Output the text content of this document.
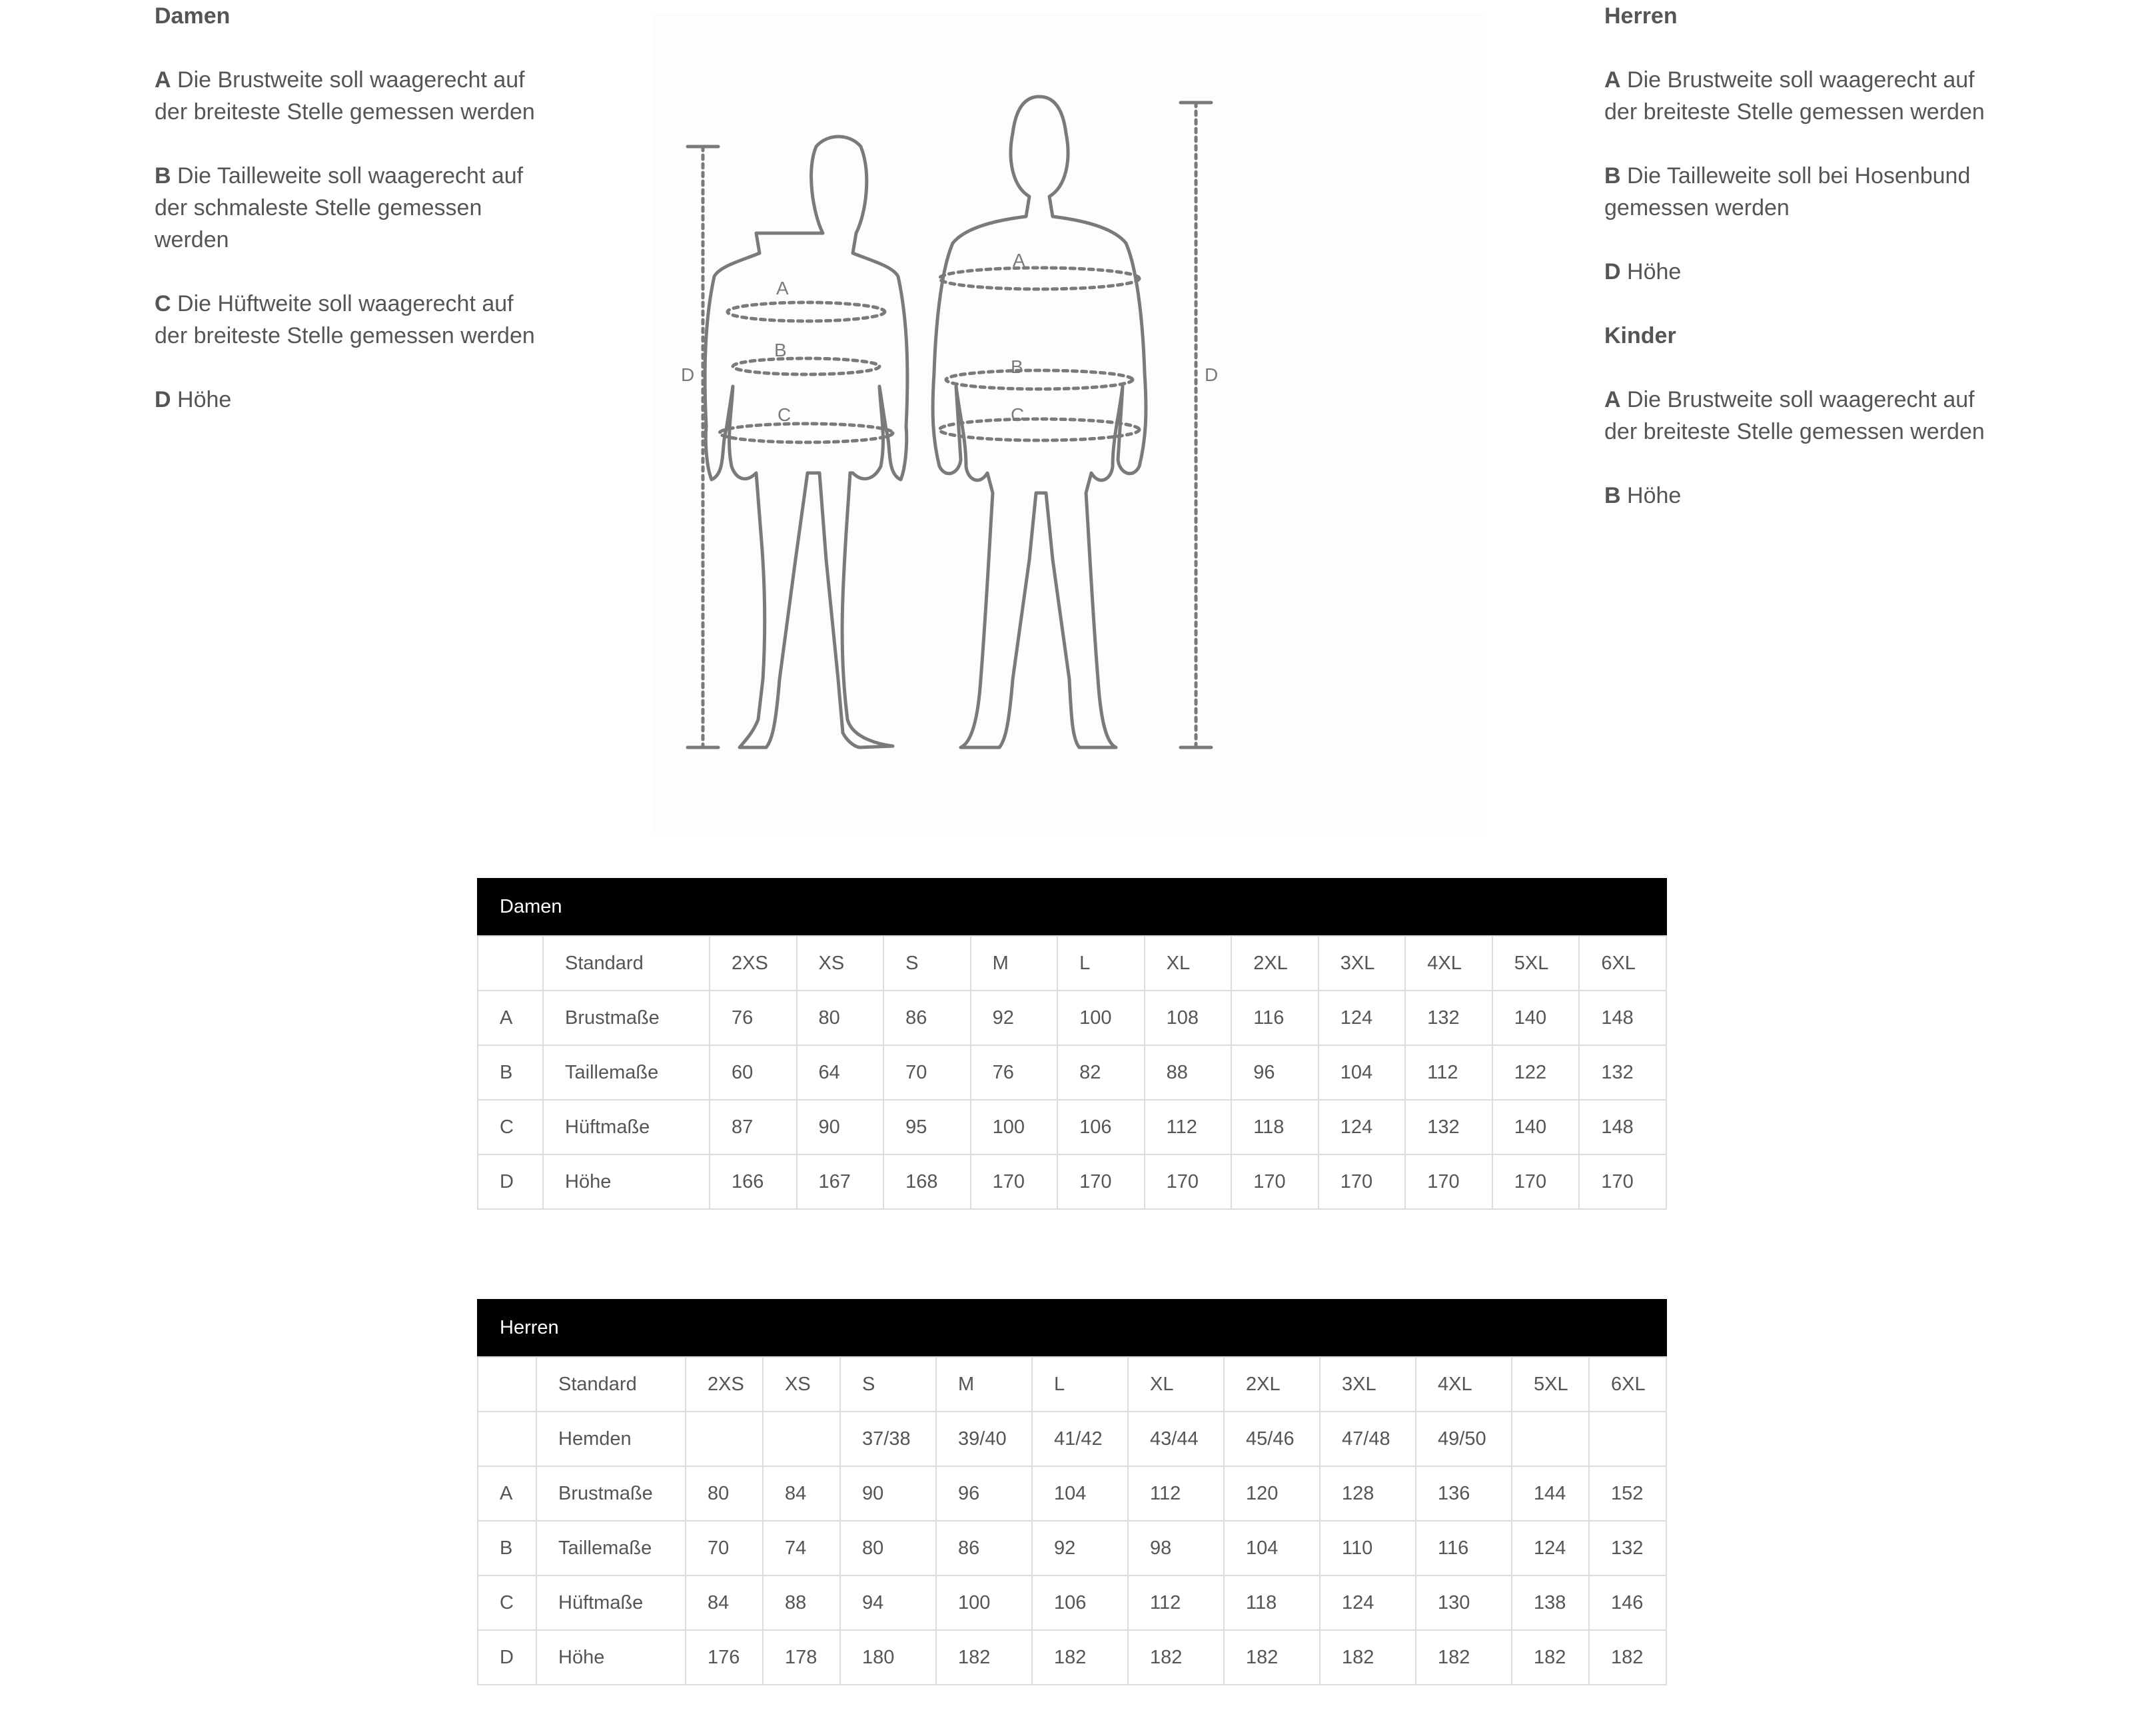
Damen

A Die Brustweite soll waagerecht auf
der breiteste Stelle gemessen werden

B Die Tailleweite soll waagerecht auf
der schmaleste Stelle gemessen
werden

C Die Hüftweite soll waagerecht auf
der breiteste Stelle gemessen werden

D Höhe

A
B
C
D
A
B
C
D

Herren

A Die Brustweite soll waagerecht auf
der breiteste Stelle gemessen werden

B Die Tailleweite soll bei Hosenbund
gemessen werden

D Höhe

Kinder

A Die Brustweite soll waagerecht auf
der breiteste Stelle gemessen werden

B Höhe

Damen
	Standard	2XS	XS	S	M	L	XL	2XL	3XL	4XL	5XL	6XL
A	Brustmaße	76	80	86	92	100	108	116	124	132	140	148
B	Taillemaße	60	64	70	76	82	88	96	104	112	122	132
C	Hüftmaße	87	90	95	100	106	112	118	124	132	140	148
D	Höhe	166	167	168	170	170	170	170	170	170	170	170
Herren
	Standard	2XS	XS	S	M	L	XL	2XL	3XL	4XL	5XL	6XL
	Hemden			37/38	39/40	41/42	43/44	45/46	47/48	49/50		
A	Brustmaße	80	84	90	96	104	112	120	128	136	144	152
B	Taillemaße	70	74	80	86	92	98	104	110	116	124	132
C	Hüftmaße	84	88	94	100	106	112	118	124	130	138	146
D	Höhe	176	178	180	182	182	182	182	182	182	182	182
